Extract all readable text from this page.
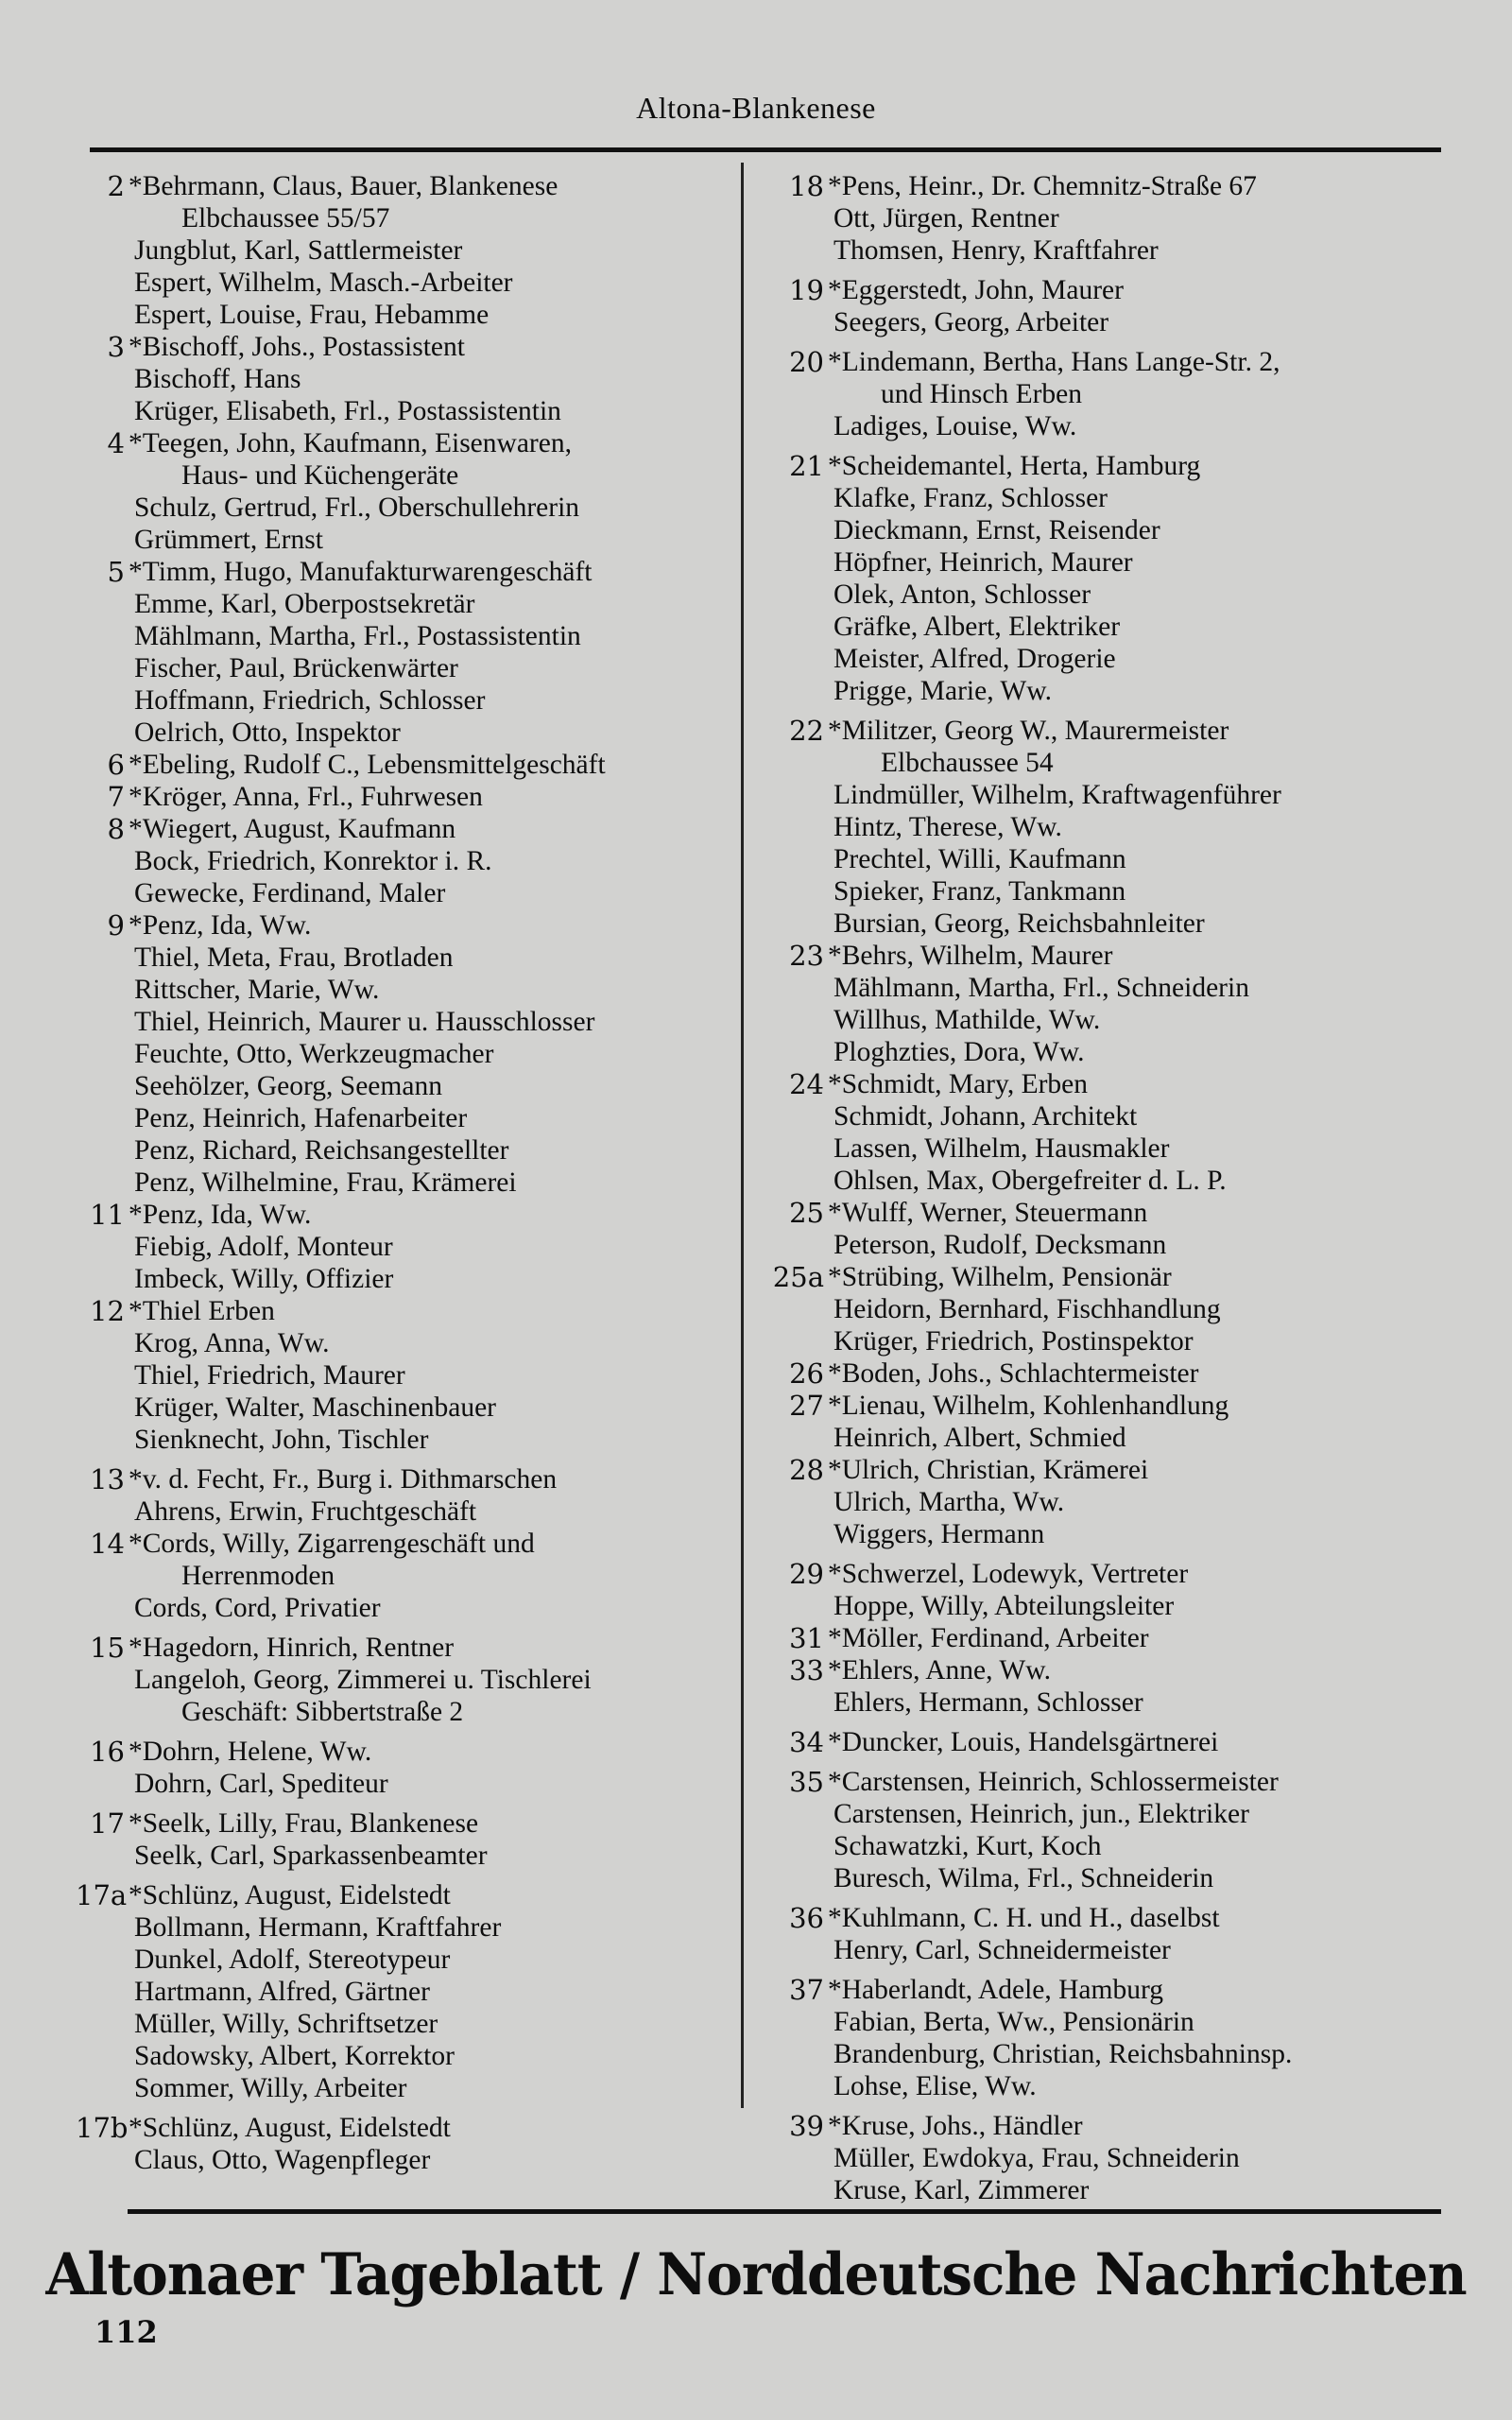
Altona-Blankenese
2 *Behrmann, Claus, Bauer, Blankenese
Elbchaussee 55/57
Jungblut, Karl, Sattlermeister
Espert, Wilhelm, Masch.-Arbeiter
Espert, Louise, Frau, Hebamme
3 *Bischoff, Johs., Postassistent
Bischoff, Hans
Krüger, Elisabeth, Frl., Postassistentin
4 *Teegen, John, Kaufmann, Eisenwaren,
Haus- und Küchengeräte
Schulz, Gertrud, Frl., Oberschullehrerin
Grümmert, Ernst
5 *Timm, Hugo, Manufakturwarengeschäft
Emme, Karl, Oberpostsekretär
Mählmann, Martha, Frl., Postassistentin
Fischer, Paul, Brückenwärter
Hoffmann, Friedrich, Schlosser
Oelrich, Otto, Inspektor
6 *Ebeling, Rudolf C., Lebensmittelgeschäft
7 *Kröger, Anna, Frl., Fuhrwesen
8 *Wiegert, August, Kaufmann
Bock, Friedrich, Konrektor i. R.
Gewecke, Ferdinand, Maler
9 *Penz, Ida, Ww.
Thiel, Meta, Frau, Brotladen
Rittscher, Marie, Ww.
Thiel, Heinrich, Maurer u. Hausschlosser
Feuchte, Otto, Werkzeugmacher
Seehölzer, Georg, Seemann
Penz, Heinrich, Hafenarbeiter
Penz, Richard, Reichsangestellter
Penz, Wilhelmine, Frau, Krämerei
11 *Penz, Ida, Ww.
Fiebig, Adolf, Monteur
Imbeck, Willy, Offizier
12 *Thiel Erben
Krog, Anna, Ww.
Thiel, Friedrich, Maurer
Krüger, Walter, Maschinenbauer
Sienknecht, John, Tischler
13 *v. d. Fecht, Fr., Burg i. Dithmarschen
Ahrens, Erwin, Fruchtgeschäft
14 *Cords, Willy, Zigarrengeschäft und
Herrenmoden
Cords, Cord, Privatier
15 *Hagedorn, Hinrich, Rentner
Langeloh, Georg, Zimmerei u. Tischlerei
Geschäft: Sibbertstraße 2
16 *Dohrn, Helene, Ww.
Dohrn, Carl, Spediteur
17 *Seelk, Lilly, Frau, Blankenese
Seelk, Carl, Sparkassenbeamter
17a *Schlünz, August, Eidelstedt
Bollmann, Hermann, Kraftfahrer
Dunkel, Adolf, Stereotypeur
Hartmann, Alfred, Gärtner
Müller, Willy, Schriftsetzer
Sadowsky, Albert, Korrektor
Sommer, Willy, Arbeiter
17b *Schlünz, August, Eidelstedt
Claus, Otto, Wagenpfleger
18 *Pens, Heinr., Dr. Chemnitz-Straße 67
Ott, Jürgen, Rentner
Thomsen, Henry, Kraftfahrer
19 *Eggerstedt, John, Maurer
Seegers, Georg, Arbeiter
20 *Lindemann, Bertha, Hans Lange-Str. 2,
und Hinsch Erben
Ladiges, Louise, Ww.
21 *Scheidemantel, Herta, Hamburg
Klafke, Franz, Schlosser
Dieckmann, Ernst, Reisender
Höpfner, Heinrich, Maurer
Olek, Anton, Schlosser
Gräfke, Albert, Elektriker
Meister, Alfred, Drogerie
Prigge, Marie, Ww.
22 *Militzer, Georg W., Maurermeister
Elbchaussee 54
Lindmüller, Wilhelm, Kraftwagenführer
Hintz, Therese, Ww.
Prechtel, Willi, Kaufmann
Spieker, Franz, Tankmann
Bursian, Georg, Reichsbahnleiter
23 *Behrs, Wilhelm, Maurer
Mählmann, Martha, Frl., Schneiderin
Willhus, Mathilde, Ww.
Ploghzties, Dora, Ww.
24 *Schmidt, Mary, Erben
Schmidt, Johann, Architekt
Lassen, Wilhelm, Hausmakler
Ohlsen, Max, Obergefreiter d. L. P.
25 *Wulff, Werner, Steuermann
Peterson, Rudolf, Decksmann
25a *Strübing, Wilhelm, Pensionär
Heidorn, Bernhard, Fischhandlung
Krüger, Friedrich, Postinspektor
26 *Boden, Johs., Schlachtermeister
27 *Lienau, Wilhelm, Kohlenhandlung
Heinrich, Albert, Schmied
28 *Ulrich, Christian, Krämerei
Ulrich, Martha, Ww.
Wiggers, Hermann
29 *Schwerzel, Lodewyk, Vertreter
Hoppe, Willy, Abteilungsleiter
31 *Möller, Ferdinand, Arbeiter
33 *Ehlers, Anne, Ww.
Ehlers, Hermann, Schlosser
34 *Duncker, Louis, Handelsgärtnerei
35 *Carstensen, Heinrich, Schlossermeister
Carstensen, Heinrich, jun., Elektriker
Schawatzki, Kurt, Koch
Buresch, Wilma, Frl., Schneiderin
36 *Kuhlmann, C. H. und H., daselbst
Henry, Carl, Schneidermeister
37 *Haberlandt, Adele, Hamburg
Fabian, Berta, Ww., Pensionärin
Brandenburg, Christian, Reichsbahninsp.
Lohse, Elise, Ww.
39 *Kruse, Johs., Händler
Müller, Ewdokya, Frau, Schneiderin
Kruse, Karl, Zimmerer
Altonaer Tageblatt / Norddeutsche Nachrichten
112
